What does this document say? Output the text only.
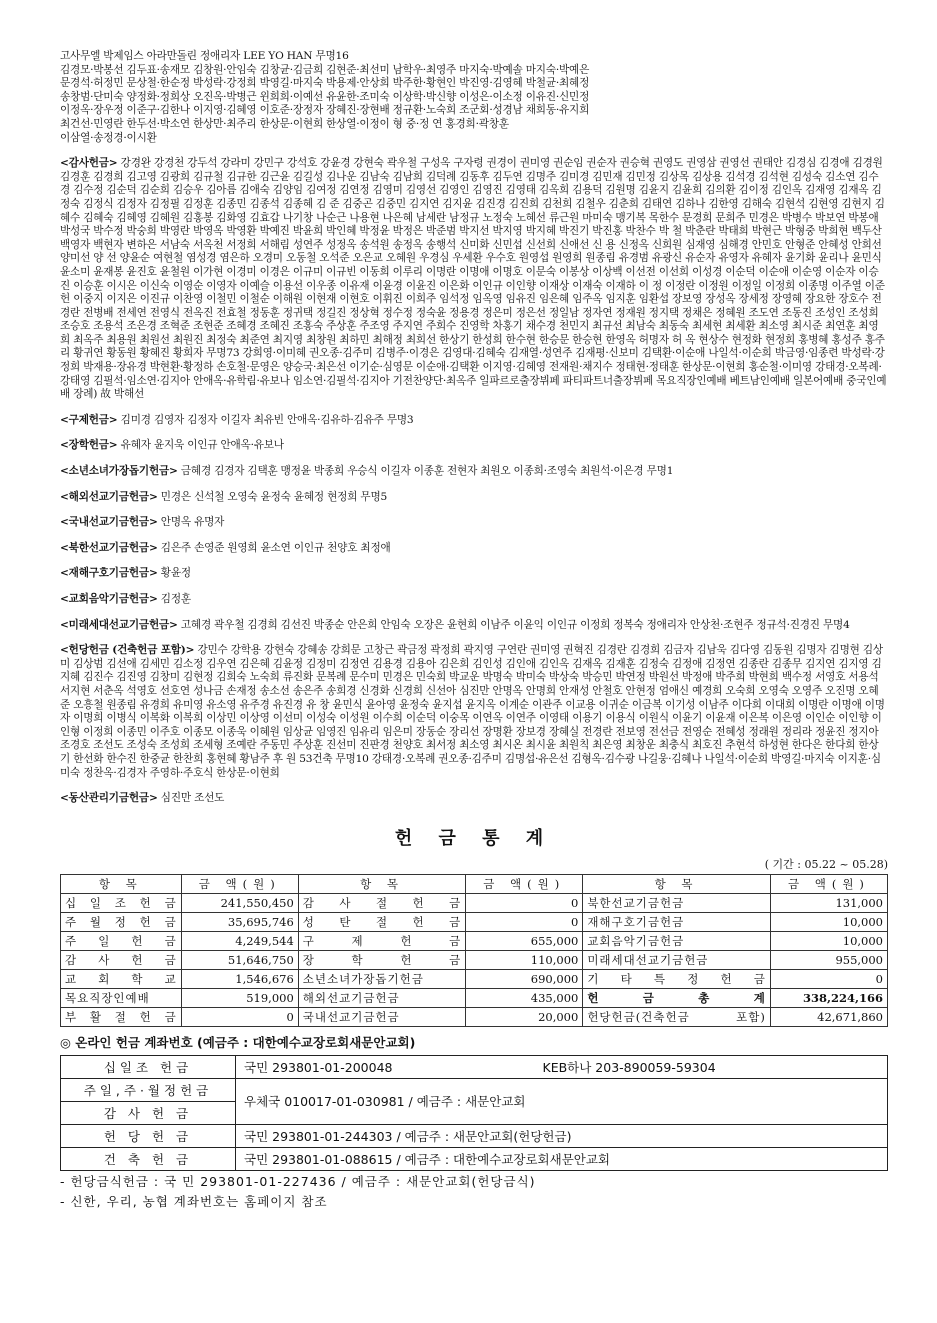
고사무엘 박제임스 아라만돌린 정애리자 LEE YO HAN 무명16
김경모·박봉선 김두표·송재모 김창원·안임숙 김창균·김금희 김현준·최선미 남학우·최영주 마지숙·박예솔 마지숙·박예은
문경석·허정민 문상철·한순정 박성락·강정희 박영길·마지숙 박용제·안상희 박주한·황현인 박진영·김영혜 박철균·최혜정
송창범·단미숙 양정화·정희상 오진옥·박병근 윈희희·이예선 유윤한·조미숙 이상학·박신향 이성은·이소정 이유진·신민정
이정옥·장우정 이준구·김한나 이지영·김혜영 이호준·장정자 장혜진·장현배 정규환·노숙희 조군회·성경남 채희동·유지희
최건선·민영란 한두선·박소연 한상만·최주리 한상문·이현희 한상열·이정이 형 중·정 연 홍경희·곽창훈
이삼열·송정경·이시환
<감사헌금> 강경완 강경천 강두석 강라미 강민구 강석호 강윤경 강현숙 곽우철 구성옥 구자령 권경이 권미영 권순임 권순자 권승혁 권영도 권영삼 권영선 권태안 김경심 김경애 김경원 김경훈 김경희 김고영 김광희 김규철 김규한 김근윤 김길성 김나운 김남숙 김남희 김덕례 김동후 김두연 김명주 김미경 김민재 김민정 김상목 김상용 김석경 김석현 김성숙 김소연 김수경 김수정 김순덕 김순희 김승우 김아름 김애숙 김양임 김여정 김연정 김영미 김영선 김영인 김영진 김영태 김옥희 김용덕 김원명 김윤지 김윤희 김의환 김이정 김인옥 김재영 김재옥 김정숙 김정식 김정자 김정필 김정훈 김종민 김종석 김종혜 김 준 김중곤 김중민 김지연 김지윤 김진경 김진희 김천희 김철우 김춘희 김태연 김하나 김한영 김해숙 김현석 김현영 김현지 김혜수 김혜숙 김혜영 김혜원 김홍봉 김화영 김효갑 나기창 나순근 나용현 나은혜 남세란 남정규 노정숙 노혜선 류근원 마미숙 맹기복 목한수 문경희 문희주 민경은 박병수 박보연 박봉애 박성국 박수정 박숭희 박영란 박영옥 박영환 박예진 박윤희 박인혜 박정윤 박정은 박준범 박지선 박지영 박지혜 박진기 박진홍 박찬수 박 철 박춘란 박태희 박현근 박형중 박희현 백두산 백영자 백현자 변하은 서남숙 서옥천 서정희 서해림 성연주 성정옥 송석원 송정옥 송행석 신미화 신민섭 신선희 신애선 신 용 신정옥 신희원 심재영 심해경 안민호 안형준 안혜성 안희선 양미선 양 선 양윤순 여현철 염성경 염은하 오경미 오동철 오석준 오은교 오혜원 우경심 우세환 우수호 원영섭 원영희 원종림 유경범 유광신 유순자 유영자 유혜자 윤기화 윤리나 윤민식 윤소미 윤재봉 윤진호 윤철원 이가현 이경미 이경은 이규미 이규빈 이동희 이루리 이명란 이명애 이명호 이문숙 이봉상 이상백 이선전 이선희 이성경 이순덕 이순애 이순영 이순자 이승진 이승훈 이시은 이신숙 이영순 이영자 이예슬 이용선 이우종 이유재 이윤경 이윤진 이은화 이인규 이인향 이재상 이재숙 이재하 이 정 이정란 이정원 이정일 이정희 이종명 이주열 이준헌 이중지 이지은 이진규 이찬영 이철민 이철순 이해원 이현재 이현호 이휘진 이희주 임석정 임옥영 임유진 임은혜 임주옥 임지훈 임환섭 장보영 장성옥 장세정 장영혜 장요한 장호수 전경란 전병배 전세연 전영식 전옥진 전효철 정동훈 정귀택 정길진 정상혁 정수정 정숙윤 정용경 정은미 정은선 정일남 정자연 정재원 정지택 정채은 정혜원 조도연 조동진 조성인 조성희 조승호 조용석 조은경 조혁준 조현준 조혜경 조혜진 조홍숙 주상훈 주조영 주지연 주희수 진영학 차홍기 채수경 천민지 최규선 최남숙 최동숙 최세현 최세환 최소영 최시준 최연훈 최영희 최옥주 최용원 최원선 최원진 최정숙 최준연 최지영 최창원 최하민 최해정 최희선 한상기 한성희 한수현 한승문 한승현 한영옥 허명자 허 옥 현상수 현정화 현정희 홍병혜 홍성주 홍주리 황귀연 황동원 황혜진 황희자 무명73 강희영·이미혜 권오종·김주미 김병주·이경은 김영대·김혜숙 김재열·성연주 김재평·신보미 김택환·이순애 나일석·이순희 박금영·임종련 박성락·강정희 박재용·장유경 박현환·황정하 손호철·문영은 양승국·최은선 이기순·심영문 이순애·김택환 이지영·김혜영 전재원·채지수 정태현·정태훈 한상문·이현희 홍순철·이미영 강태경·오복례·강태영 김필석·임소연·김지아 안애옥·유학림·유보나 임소연·김필석·김지아 기전찬양단·최옥주 일파르로출장뷔페 파티파트너출장뷔페 목요직장인예배 베트남인예배 일본어예배 중국인예배 장례) 故 박해선
<구제헌금> 김미경 김영자 김정자 이길자 최유빈 안애옥·김유하·김유주 무명3
<장학헌금> 유혜자 윤지욱 이인규 안애옥·유보나
<소년소녀가장돕기헌금> 금혜경 김경자 김택훈 맹정윤 박종희 우승식 이길자 이종훈 전현자 최원오 이종희·조영숙 최원석·이은경 무명1
<해외선교기금헌금> 민경은 신석철 오영숙 윤정숙 윤혜정 현정희 무명5
<국내선교기금헌금> 안명옥 유명자
<북한선교기금헌금> 김은주 손영준 원영희 윤소연 이인규 천양호 최정애
<재해구호기금헌금> 황윤정
<교회음악기금헌금> 김정훈
<미래세대선교기금헌금> 고혜경 곽우철 김경희 김선진 박종순 안은희 안임숙 오장은 윤현희 이남주 이윤익 이인규 이정희 정복숙 정애리자 안상천·조현주 정규석·진경진 무명4
<헌당헌금 (건축헌금 포함)> 강민수 강학용 강현숙 강혜송 강희문 고창근 곽금정 곽정희 곽지영 구연란 권미영 권혁진 김경란 김경희 김금자 김남욱 김다영 김동원 김명자 김명현 김상미 김상범 김선애 김세민 김소정 김우연 김은혜 김윤정 김정미 김정연 김용경 김용아 김은희 김인성 김인애 김인옥 김재옥 김재훈 김정숙 김정애 김정연 김종란 김종무 김지연 김지영 김지혜 김진수 김진영 김창미 김현정 김희숙 노숙희 류진화 문복례 문수미 민경은 민숙희 박교운 박명숙 박미숙 박상숙 박승민 박연정 박원선 박정애 박주희 박현희 백수정 서영호 서용석 서지현 서춘옥 석영호 선호연 성나금 손재정 송소선 송은주 송희경 신경화 신경희 신선아 심진만 안명옥 안명희 안재성 안철호 안현정 엄애신 예경희 오숙희 오영숙 오영주 오진명 오혜준 오흥철 원종림 유경희 유미영 유소영 유주경 유진경 유 창 윤민식 윤아영 윤정숙 윤지섭 윤지옥 이계순 이관주 이교용 이귀순 이금복 이기성 이남주 이다희 이대희 이명란 이명애 이명자 이명희 이병식 이복화 이복희 이상민 이상영 이선미 이성숙 이성원 이수희 이순덕 이숭목 이연옥 이연주 이영태 이용기 이용식 이원식 이윤기 이윤재 이은복 이은영 이인순 이인향 이인형 이정희 이종민 이주호 이종모 이종욱 이혜원 임상균 임영진 임유리 임은미 장동순 장리선 장명환 장보경 장혜실 전경란 전보영 전선금 전영순 전혜성 정래원 정리라 정윤진 정지아 조경호 조선도 조성숙 조성희 조세형 조예란 주동민 주상훈 진선미 진판경 천양호 최서정 최소영 최시온 최시윤 최원칙 최은영 최창운 최충식 최호진 추현석 하성현 한다은 한다희 한상기 한선화 한수진 한중균 한찬희 홍현혜 황남주 후 원 53건축 무명10 강태경·오복례 권오종·김주미 김명섭·유은선 김형옥·김수광 나길웅·김혜나 나일석·이순희 박영길·마지숙 이지훈·심미숙 정찬옥·김경자 주영하·주호식 한상문·이현희
<동산관리기금헌금> 심진만 조선도
헌 금 통 계
( 기간 : 05.22 ~ 05.28)
항 목	금 액(원)	항 목	금 액(원)	항 목	금 액(원)
십 일 조 헌 금	241,550,450	감 사 절 헌 금	0	북한선교기금헌금	131,000
주 월 정 헌 금	35,695,746	성 탄 절 헌 금	0	재해구호기금헌금	10,000
주 일 헌 금	4,249,544	구 제 헌 금	655,000	교회음악기금헌금	10,000
감 사 헌 금	51,646,750	장 학 헌 금	110,000	미래세대선교기금헌금	955,000
교 회 학 교	1,546,676	소년소녀가장돕기헌금	690,000	기 타 특 정 헌 금	0
목요직장인예배	519,000	해외선교기금헌금	435,000	헌 금 총 계	338,224,166
부 활 절 헌 금	0	국내선교기금헌금	20,000	헌당헌금(건축헌금 포함)	42,671,860
◎ 온라인 헌금 계좌번호 (예금주 : 대한예수교장로회새문안교회)
십일조 헌금	국민 293801-01-200048 KEB하나 203-890059-59304
주일,주·월정헌금	우체국 010017-01-030981 / 예금주 : 새문안교회
감 사 헌 금	
헌 당 헌 금	국민 293801-01-244303 / 예금주 : 새문안교회(헌당헌금)
건 축 헌 금	국민 293801-01-088615 / 예금주 : 대한예수교장로회새문안교회
- 헌당금식헌금 : 국 민 293801-01-227436 / 예금주 : 새문안교회(헌당금식)
- 신한, 우리, 농협 계좌번호는 홈페이지 참조
